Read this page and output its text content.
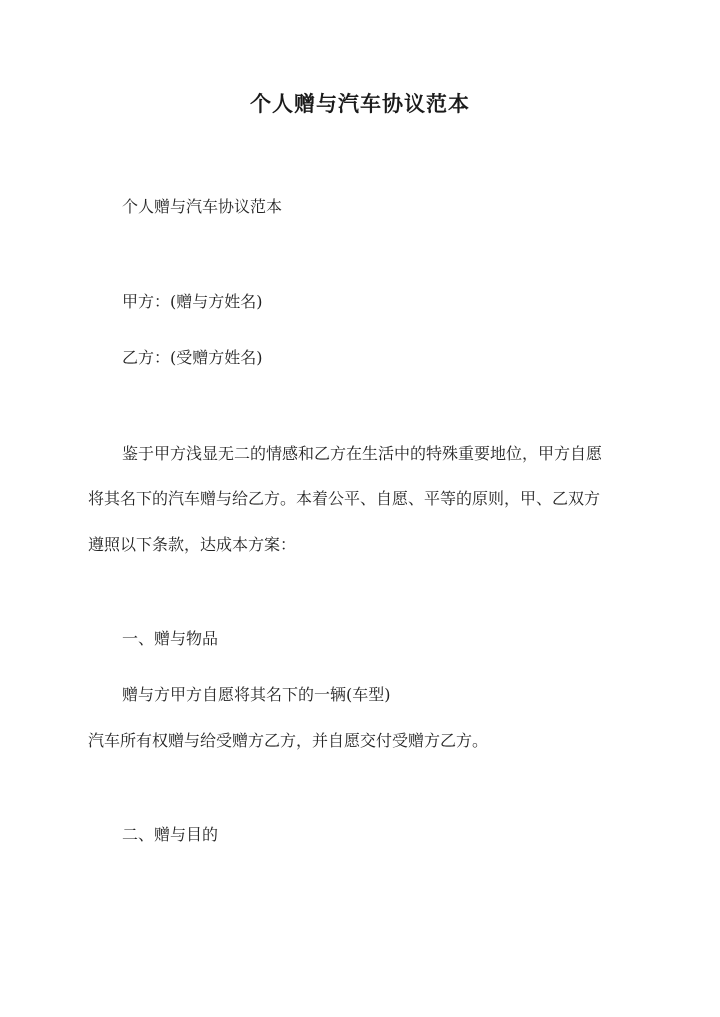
个人赠与汽车协议范本
个人赠与汽车协议范本
甲方：(赠与方姓名)
乙方：(受赠方姓名)
鉴于甲方浅显无二的情感和乙方在生活中的特殊重要地位，甲方自愿
将其名下的汽车赠与给乙方。本着公平、自愿、平等的原则，甲、乙双方
遵照以下条款，达成本方案：
一、赠与物品
赠与方甲方自愿将其名下的一辆(车型)
汽车所有权赠与给受赠方乙方，并自愿交付受赠方乙方。
二、赠与目的
